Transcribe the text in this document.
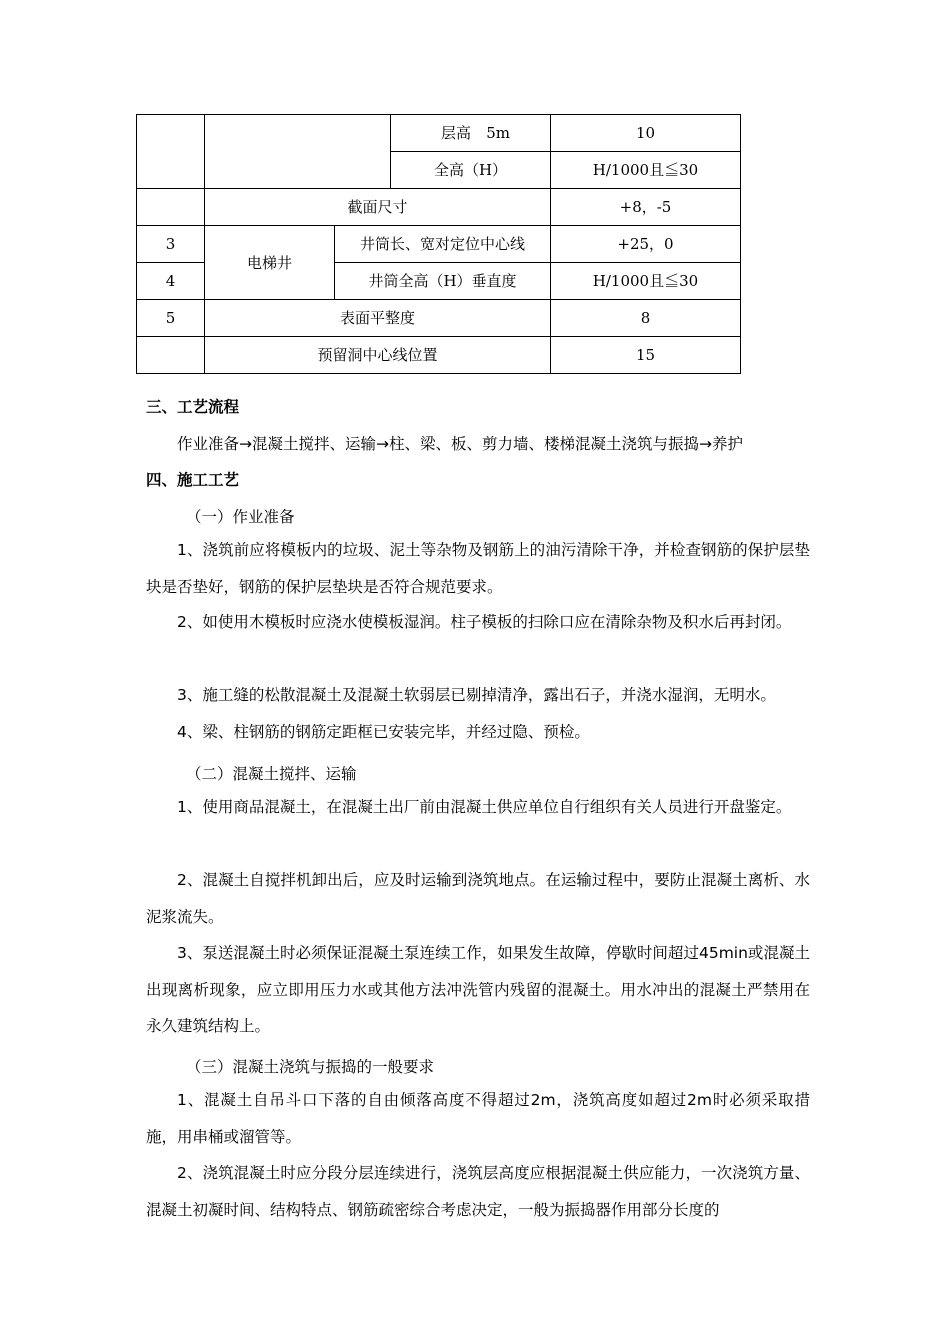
			层高 5m	10
			全高（H）	H/1000且≦30
	截面尺寸			+8，-5
3	电梯井	井筒长、宽对定位中心线		+25，0
4		井筒全高（H）垂直度		H/1000且≦30
5	表面平整度			8
	预留洞中心线位置			15
三、工艺流程
作业准备→混凝土搅拌、运输→柱、梁、板、剪力墙、楼梯混凝土浇筑与振捣→养护
四、施工工艺
（一）作业准备
1、浇筑前应将模板内的垃圾、泥土等杂物及钢筋上的油污清除干净，并检查钢筋的保护层垫块是否垫好，钢筋的保护层垫块是否符合规范要求。
2、如使用木模板时应浇水使模板湿润。柱子模板的扫除口应在清除杂物及积水后再封闭。
3、施工缝的松散混凝土及混凝土软弱层已剔掉清净，露出石子，并浇水湿润，无明水。
4、梁、柱钢筋的钢筋定距框已安装完毕，并经过隐、预检。
（二）混凝土搅拌、运输
1、使用商品混凝土，在混凝土出厂前由混凝土供应单位自行组织有关人员进行开盘鉴定。
2、混凝土自搅拌机卸出后，应及时运输到浇筑地点。在运输过程中，要防止混凝土离析、水泥浆流失。
3、泵送混凝土时必须保证混凝土泵连续工作，如果发生故障，停歇时间超过45min或混凝土出现离析现象，应立即用压力水或其他方法冲洗管内残留的混凝土。用水冲出的混凝土严禁用在永久建筑结构上。
（三）混凝土浇筑与振捣的一般要求
1、混凝土自吊斗口下落的自由倾落高度不得超过2m，浇筑高度如超过2m时必须采取措施，用串桶或溜管等。
2、浇筑混凝土时应分段分层连续进行，浇筑层高度应根据混凝土供应能力，一次浇筑方量、混凝土初凝时间、结构特点、钢筋疏密综合考虑决定，一般为振捣器作用部分长度的
